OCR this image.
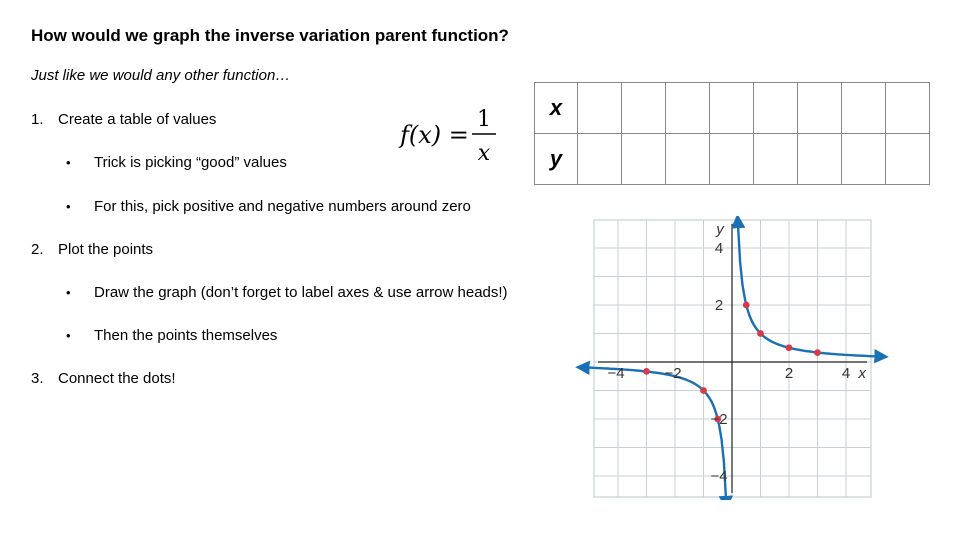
How would we graph the inverse variation parent function?
Just like we would any other function…
1. Create a table of values
• Trick is picking “good” values
• For this, pick positive and negative numbers around zero
2. Plot the points
• Draw the graph (don’t forget to label axes & use arrow heads!)
• Then the points themselves
3. Connect the dots!
f(x) =
1
x
x								
y								
−4	−2	2	4
4
2
−2
−4
x
y
